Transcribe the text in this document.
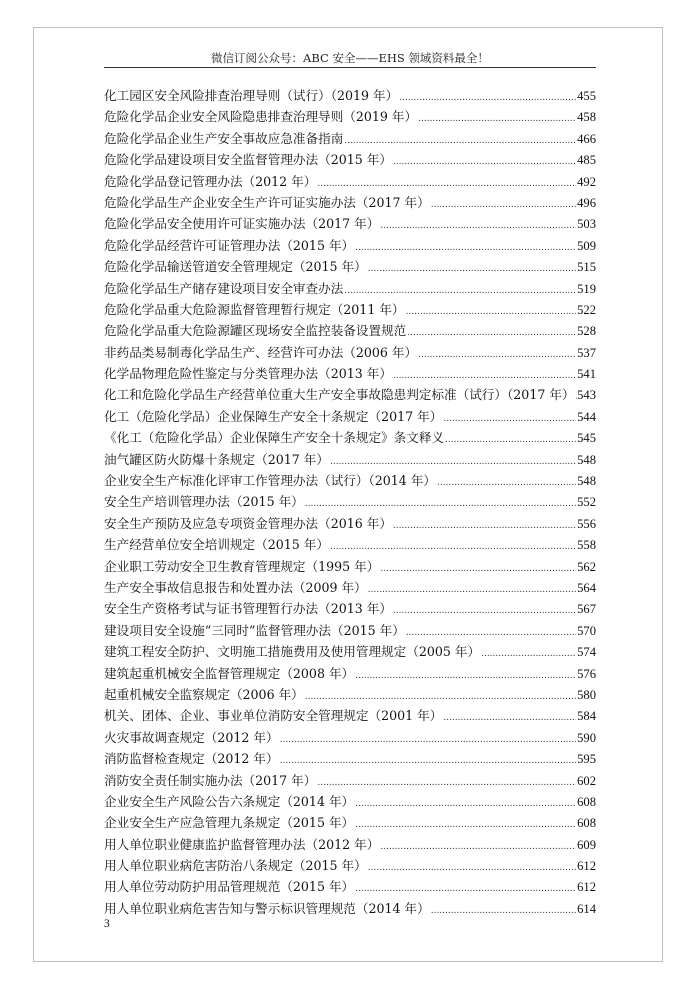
微信订阅公众号：ABC 安全——EHS 领域资料最全！
化工园区安全风险排查治理导则（试行）（2019 年） .....	455
危险化学品企业安全风险隐患排查治理导则（2019 年） .....	458
危险化学品企业生产安全事故应急准备指南 .....	466
危险化学品建设项目安全监督管理办法（2015 年） .....	485
危险化学品登记管理办法（2012 年） .....	492
危险化学品生产企业安全生产许可证实施办法（2017 年） .....	496
危险化学品安全使用许可证实施办法（2017 年） .....	503
危险化学品经营许可证管理办法（2015 年） .....	509
危险化学品输送管道安全管理规定（2015 年） .....	515
危险化学品生产储存建设项目安全审查办法 .....	519
危险化学品重大危险源监督管理暂行规定（2011 年） .....	522
危险化学品重大危险源罐区现场安全监控装备设置规范 .....	528
非药品类易制毒化学品生产、经营许可办法（2006 年） .....	537
化学品物理危险性鉴定与分类管理办法（2013 年） .....	541
化工和危险化学品生产经营单位重大生产安全事故隐患判定标准（试行）（2017 年） ..... 543
化工（危险化学品）企业保障生产安全十条规定（2017 年） .....	544
《化工（危险化学品）企业保障生产安全十条规定》条文释义 .....	545
油气罐区防火防爆十条规定（2017 年） .....	548
企业安全生产标准化评审工作管理办法（试行）（2014 年） .....	548
安全生产培训管理办法（2015 年） .....	552
安全生产预防及应急专项资金管理办法（2016 年） .....	556
生产经营单位安全培训规定（2015 年） .....	558
企业职工劳动安全卫生教育管理规定（1995 年） .....	562
生产安全事故信息报告和处置办法（2009 年） .....	564
安全生产资格考试与证书管理暂行办法（2013 年） .....	567
建设项目安全设施“三同时”监督管理办法（2015 年） .....	570
建筑工程安全防护、文明施工措施费用及使用管理规定（2005 年） .....	574
建筑起重机械安全监督管理规定（2008 年） .....	576
起重机械安全监察规定（2006 年） .....	580
机关、团体、企业、事业单位消防安全管理规定（2001 年） .....	584
火灾事故调查规定（2012 年） .....	590
消防监督检查规定（2012 年） .....	595
消防安全责任制实施办法（2017 年） .....	602
企业安全生产风险公告六条规定（2014 年） .....	608
企业安全生产应急管理九条规定（2015 年） .....	608
用人单位职业健康监护监督管理办法（2012 年） .....	609
用人单位职业病危害防治八条规定（2015 年） .....	612
用人单位劳动防护用品管理规范（2015 年） .....	612
用人单位职业病危害告知与警示标识管理规范（2014 年） .....	614
3
